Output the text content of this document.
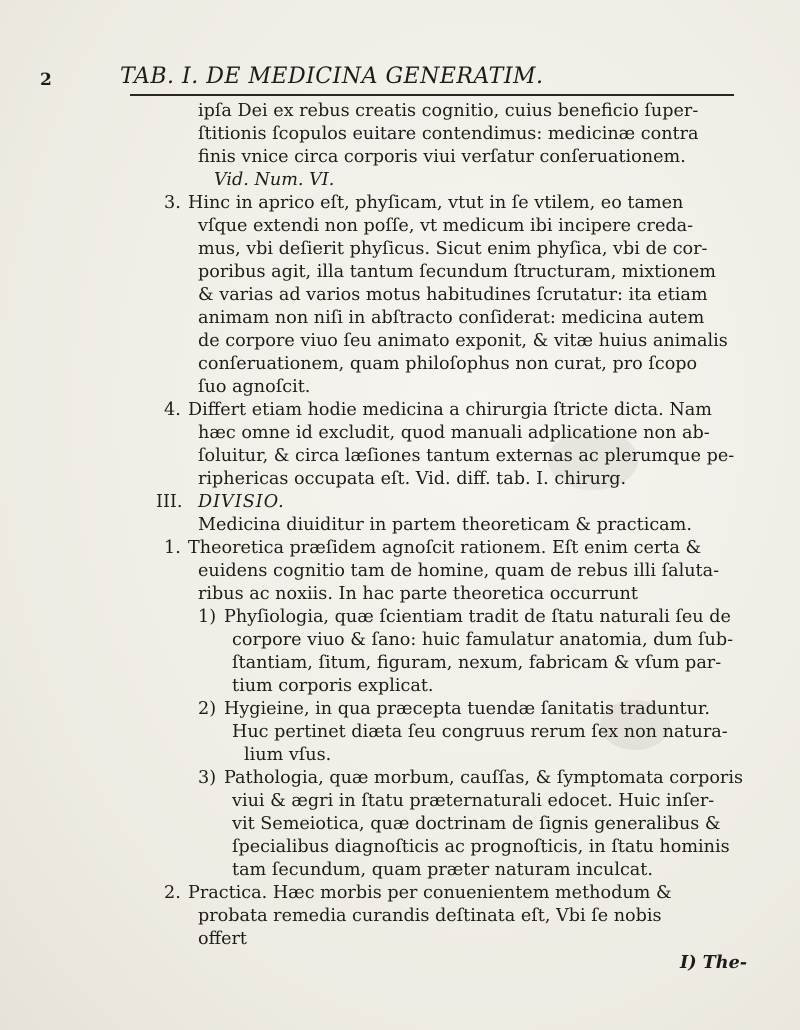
2	TAB. I. DE MEDICINA GENERATIM.
ipſa Dei ex rebus creatis cognitio, cuius beneficio ſuper-
ſtitionis ſcopulos euitare contendimus: medicinæ contra
finis vnice circa corporis viui verſatur conſeruationem.
Vid. Num. VI.
3. Hinc in aprico eſt, phyſicam, vtut in ſe vtilem, eo tamen
vſque extendi non poſſe, vt medicum ibi incipere creda-
mus, vbi deſierit phyſicus. Sicut enim phyſica, vbi de cor-
poribus agit, illa tantum ſecundum ſtructuram, mixtionem
& varias ad varios motus habitudines ſcrutatur: ita etiam
animam non niſi in abſtracto conſiderat: medicina autem
de corpore viuo ſeu animato exponit, & vitæ huius animalis
conſeruationem, quam philoſophus non curat, pro ſcopo
ſuo agnoſcit.
4. Differt etiam hodie medicina a chirurgia ſtricte dicta. Nam
hæc omne id excludit, quod manuali adplicatione non ab-
ſoluitur, & circa læſiones tantum externas ac plerumque pe-
riphericas occupata eſt. Vid. diff. tab. I. chirurg.
III. DIVISIO.
Medicina diuiditur in partem theoreticam & practicam.
1. Theoretica præſidem agnoſcit rationem. Eſt enim certa &
euidens cognitio tam de homine, quam de rebus illi ſaluta-
ribus ac noxiis. In hac parte theoretica occurrunt
1) Phyſiologia, quæ ſcientiam tradit de ſtatu naturali ſeu de
corpore viuo & ſano: huic famulatur anatomia, dum ſub-
ſtantiam, ſitum, figuram, nexum, fabricam & vſum par-
tium corporis explicat.
2) Hygieine, in qua præcepta tuendæ ſanitatis traduntur.
Huc pertinet diæta ſeu congruus rerum ſex non natura-
lium vſus.
3) Pathologia, quæ morbum, cauſſas, & ſymptomata corporis
viui & ægri in ſtatu præternaturali edocet. Huic inſer-
vit Semeiotica, quæ doctrinam de ſignis generalibus &
ſpecialibus diagnoſticis ac prognoſticis, in ſtatu hominis
tam ſecundum, quam præter naturam inculcat.
2. Practica. Hæc morbis per conuenientem methodum &
probata remedia curandis deſtinata eſt, Vbi ſe nobis
offert
I) The-
